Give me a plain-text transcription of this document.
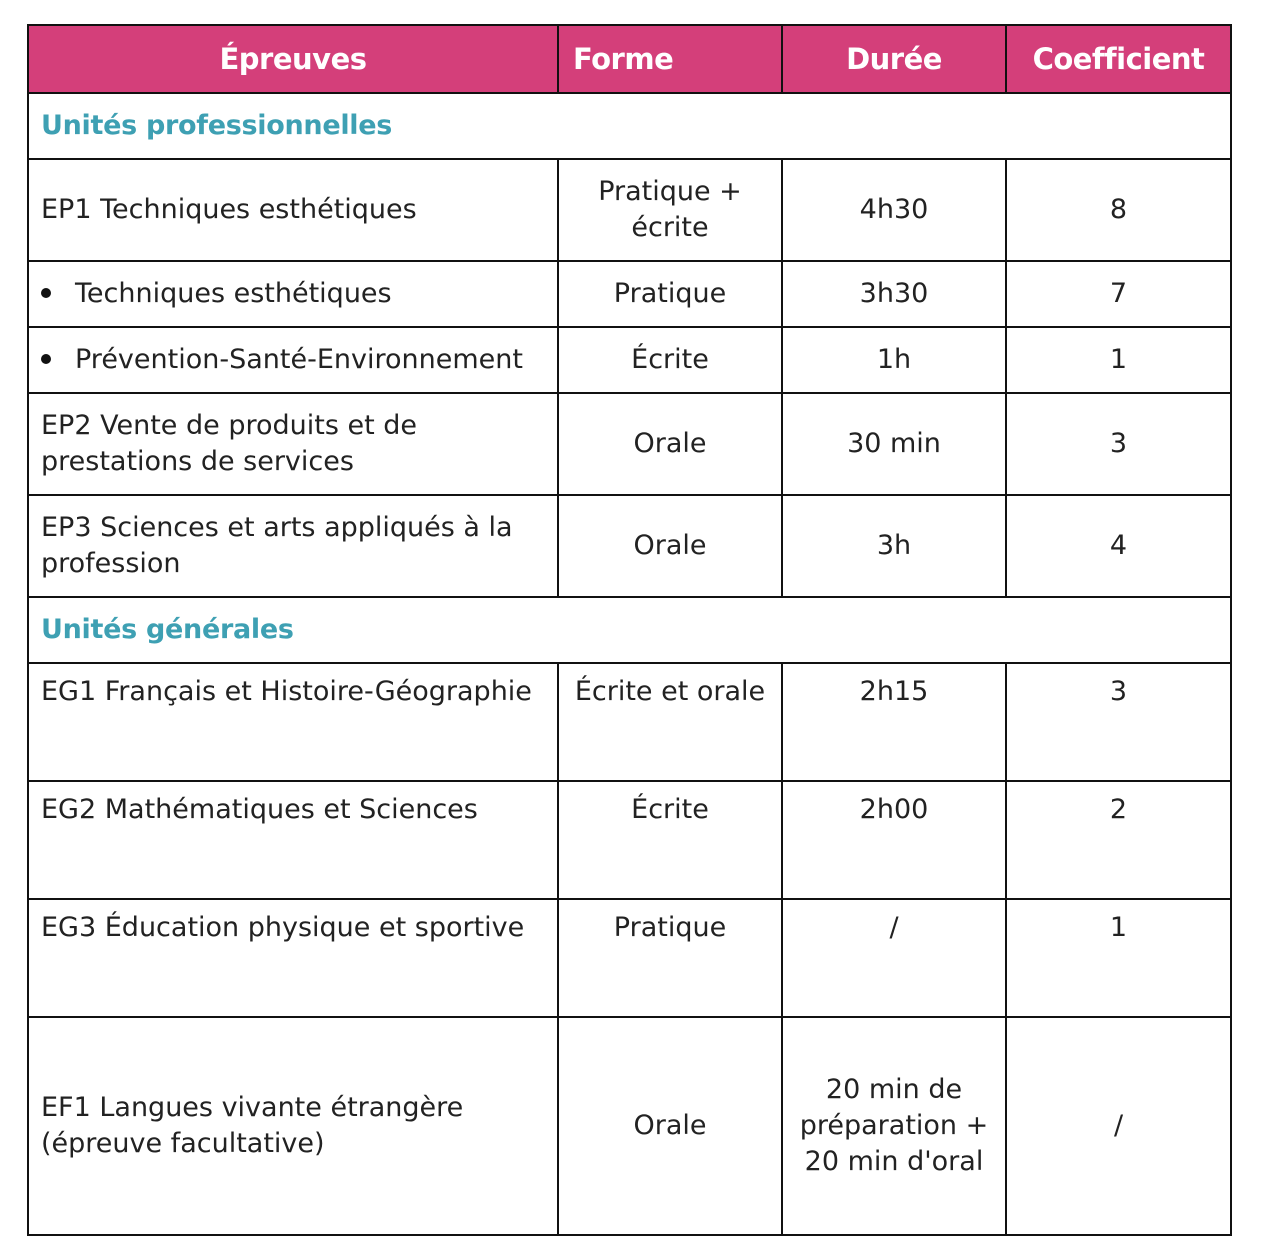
Épreuves	Forme	Durée	Coefficient
Unités professionnelles			
EP1 Techniques esthétiques	Pratique + écrite	4h30	8
Techniques esthétiques	Pratique	3h30	7
Prévention-Santé-Environnement	Écrite	1h	1
EP2 Vente de produits et de prestations de services	Orale	30 min	3
EP3 Sciences et arts appliqués à la profession	Orale	3h	4
Unités générales			
EG1 Français et Histoire-Géographie	Écrite et orale	2h15	3
EG2 Mathématiques et Sciences	Écrite	2h00	2
EG3 Éducation physique et sportive	Pratique	/	1
EF1 Langues vivante étrangère (épreuve facultative)	Orale	20 min de préparation + 20 min d'oral	/
